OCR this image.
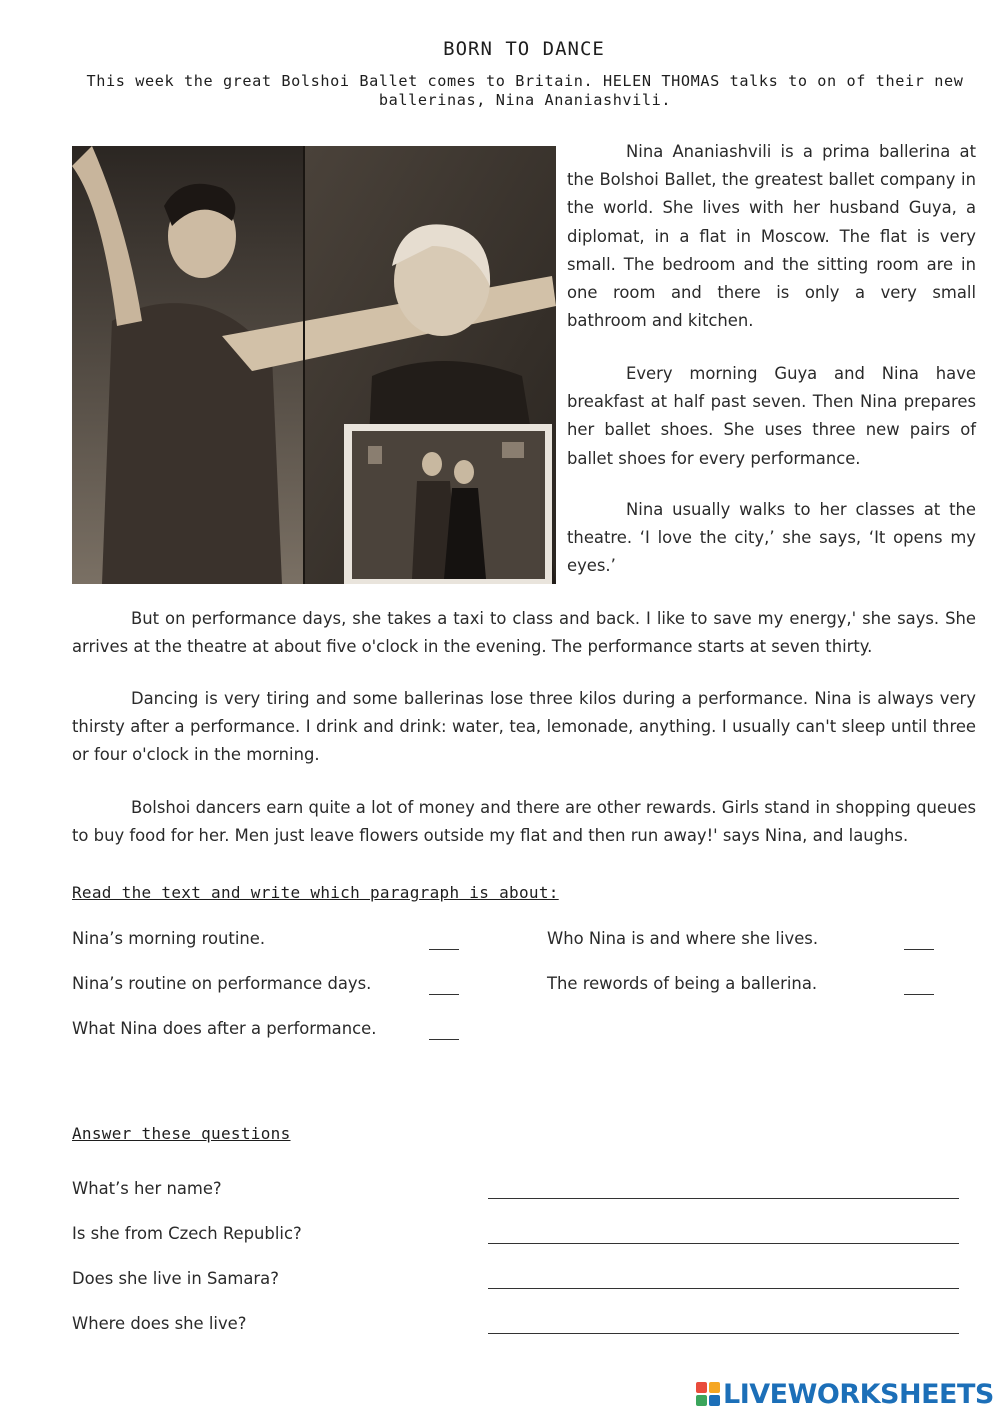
BORN TO DANCE
This week the great Bolshoi Ballet comes to Britain. HELEN THOMAS talks to on of their new ballerinas, Nina Ananiashvili.

Nina Ananiashvili is a prima ballerina at the Bolshoi Ballet, the greatest ballet company in the world. She lives with her husband Guya, a diplomat, in a flat in Moscow. The flat is very small. The bedroom and the sitting room are in one room and there is only a very small bathroom and kitchen.

Every morning Guya and Nina have breakfast at half past seven. Then Nina prepares her ballet shoes. She uses three new pairs of ballet shoes for every performance.

Nina usually walks to her classes at the theatre. ‘I love the city,’ she says, ‘It opens my eyes.’

But on performance days, she takes a taxi to class and back. I like to save my energy,' she says. She arrives at the theatre at about five o'clock in the evening. The performance starts at seven thirty.

Dancing is very tiring and some ballerinas lose three kilos during a performance. Nina is always very thirsty after a performance. I drink and drink: water, tea, lemonade, anything. I usually can't sleep until three or four o'clock in the morning.

Bolshoi dancers earn quite a lot of money and there are other rewards. Girls stand in shopping queues to buy food for her. Men just leave flowers outside my flat and then run away!' says Nina, and laughs.

Read the text and write which paragraph is about:
Nina’s morning routine.	Who Nina is and where she lives.
Nina’s routine on performance days.	The rewords of being a ballerina.
What Nina does after a performance.
Answer these questions
What’s her name?
Is she from Czech Republic?
Does she live in Samara?
Where does she live?
LIVEWORKSHEETS
